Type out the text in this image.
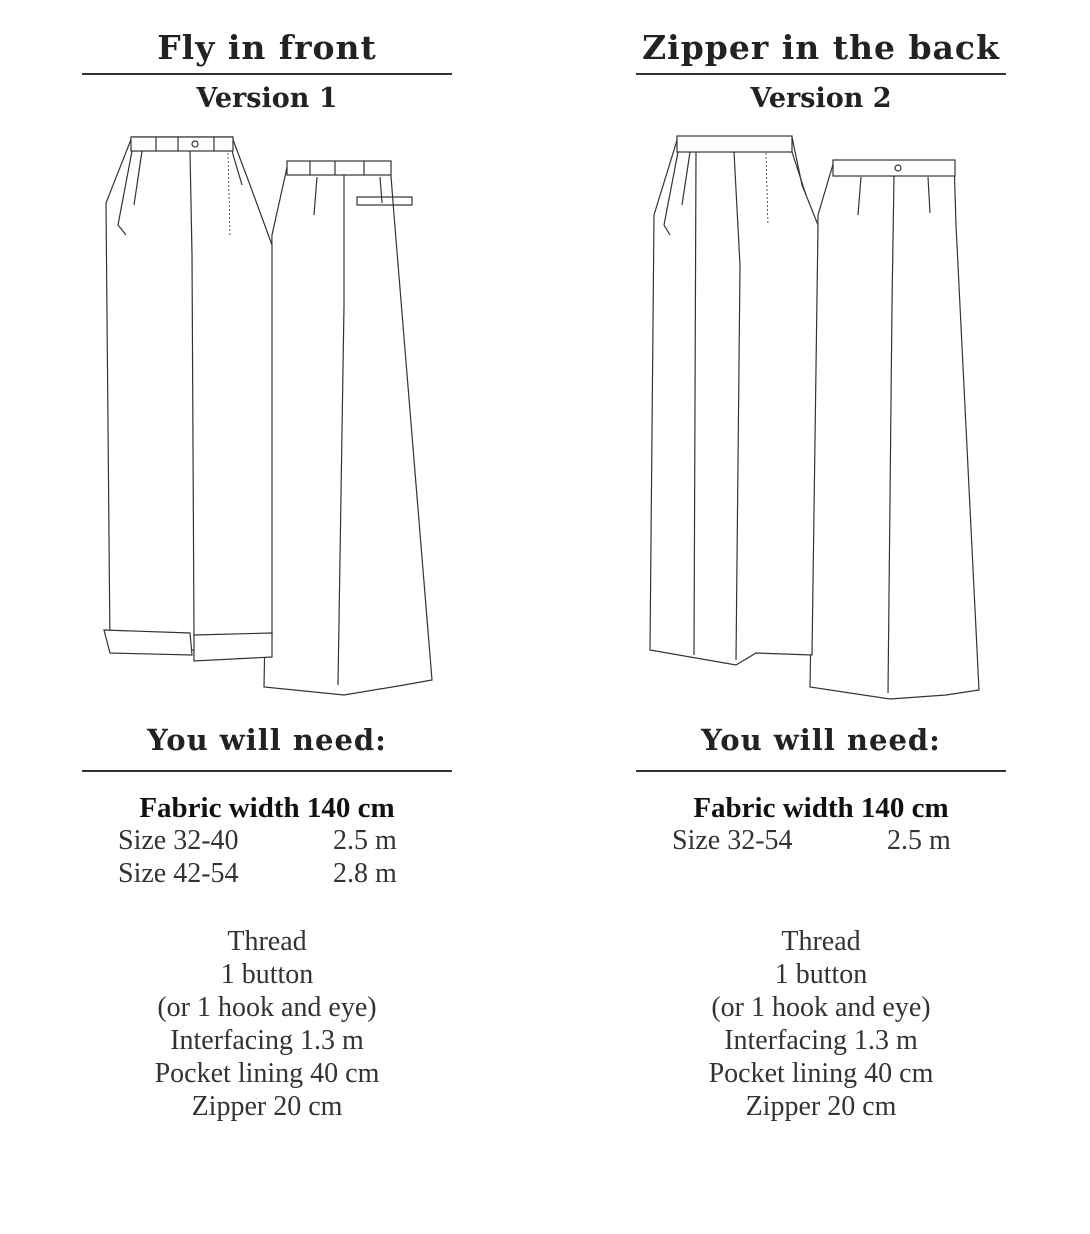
Fly in front
Version 1
You will need:
Fabric width 140 cm
Size 32-40	2.5 m
Size 42-54	2.8 m
Thread
1 button
(or 1 hook and eye)
Interfacing 1.3 m
Pocket lining 40 cm
Zipper 20 cm
Zipper in the back
Version 2
You will need:
Fabric width 140 cm
Size 32-54	2.5 m
Thread
1 button
(or 1 hook and eye)
Interfacing 1.3 m
Pocket lining 40 cm
Zipper 20 cm
